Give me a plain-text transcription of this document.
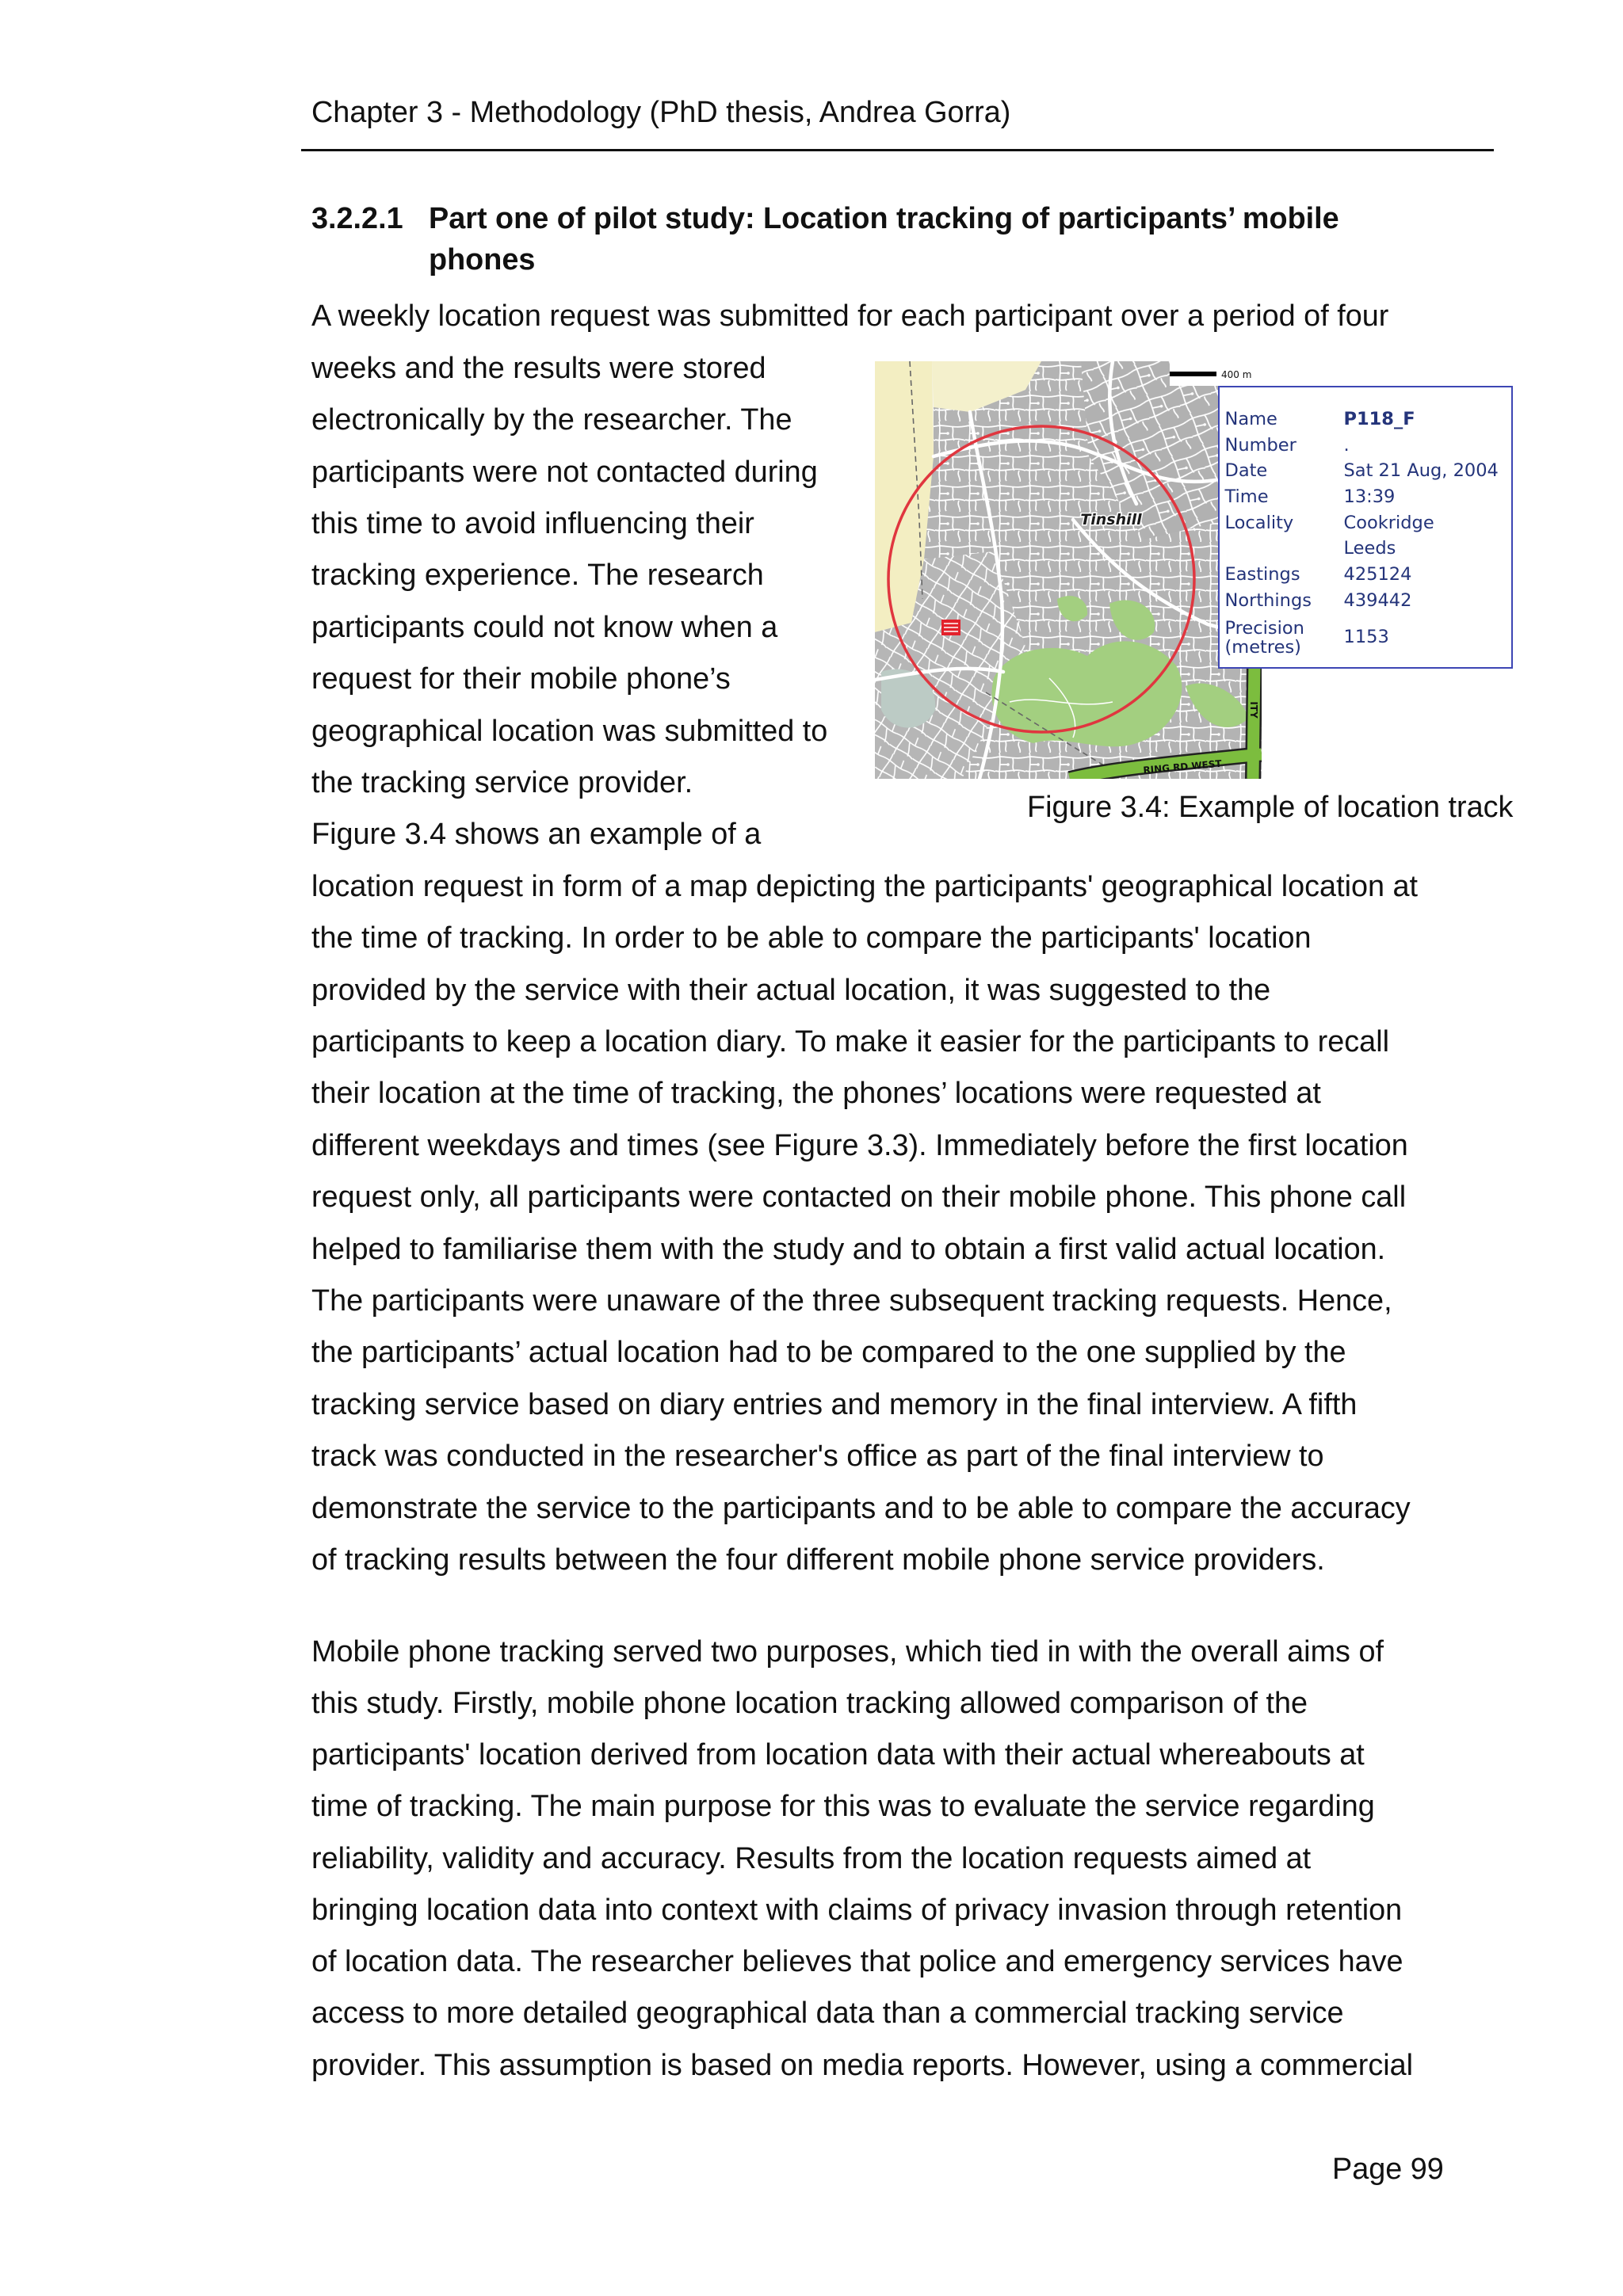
Chapter 3 - Methodology (PhD thesis, Andrea Gorra)
3.2.2.1 Part one of pilot study: Location tracking of participants’ mobile
phones
A weekly location request was submitted for each participant over a period of four
weeks and the results were stored
electronically by the researcher. The
participants were not contacted during
this time to avoid influencing their
tracking experience. The research
participants could not know when a
request for their mobile phone’s
geographical location was submitted to
the tracking service provider.
Figure 3.4 shows an example of a
location request in form of a map depicting the participants' geographical location at
the time of tracking. In order to be able to compare the participants' location
provided by the service with their actual location, it was suggested to the
participants to keep a location diary. To make it easier for the participants to recall
their location at the time of tracking, the phones’ locations were requested at
different weekdays and times (see Figure 3.3). Immediately before the first location
request only, all participants were contacted on their mobile phone. This phone call
helped to familiarise them with the study and to obtain a first valid actual location.
The participants were unaware of the three subsequent tracking requests. Hence,
the participants’ actual location had to be compared to the one supplied by the
tracking service based on diary entries and memory in the final interview. A fifth
track was conducted in the researcher's office as part of the final interview to
demonstrate the service to the participants and to be able to compare the accuracy
of tracking results between the four different mobile phone service providers.
Mobile phone tracking served two purposes, which tied in with the overall aims of
this study. Firstly, mobile phone location tracking allowed comparison of the
participants' location derived from location data with their actual whereabouts at
time of tracking. The main purpose for this was to evaluate the service regarding
reliability, validity and accuracy. Results from the location requests aimed at
bringing location data into context with claims of privacy invasion through retention
of location data. The researcher believes that police and emergency services have
access to more detailed geographical data than a commercial tracking service
provider. This assumption is based on media reports. However, using a commercial
RING RD WEST
ITY
Tinshill
400 m
Name	P118_F
Number	.
Date	Sat 21 Aug, 2004
Time	13:39
Locality	Cookridge
Leeds
Eastings	425124
Northings	439442
Precision
(metres) 1153
Figure 3.4: Example of location track
Page 99
